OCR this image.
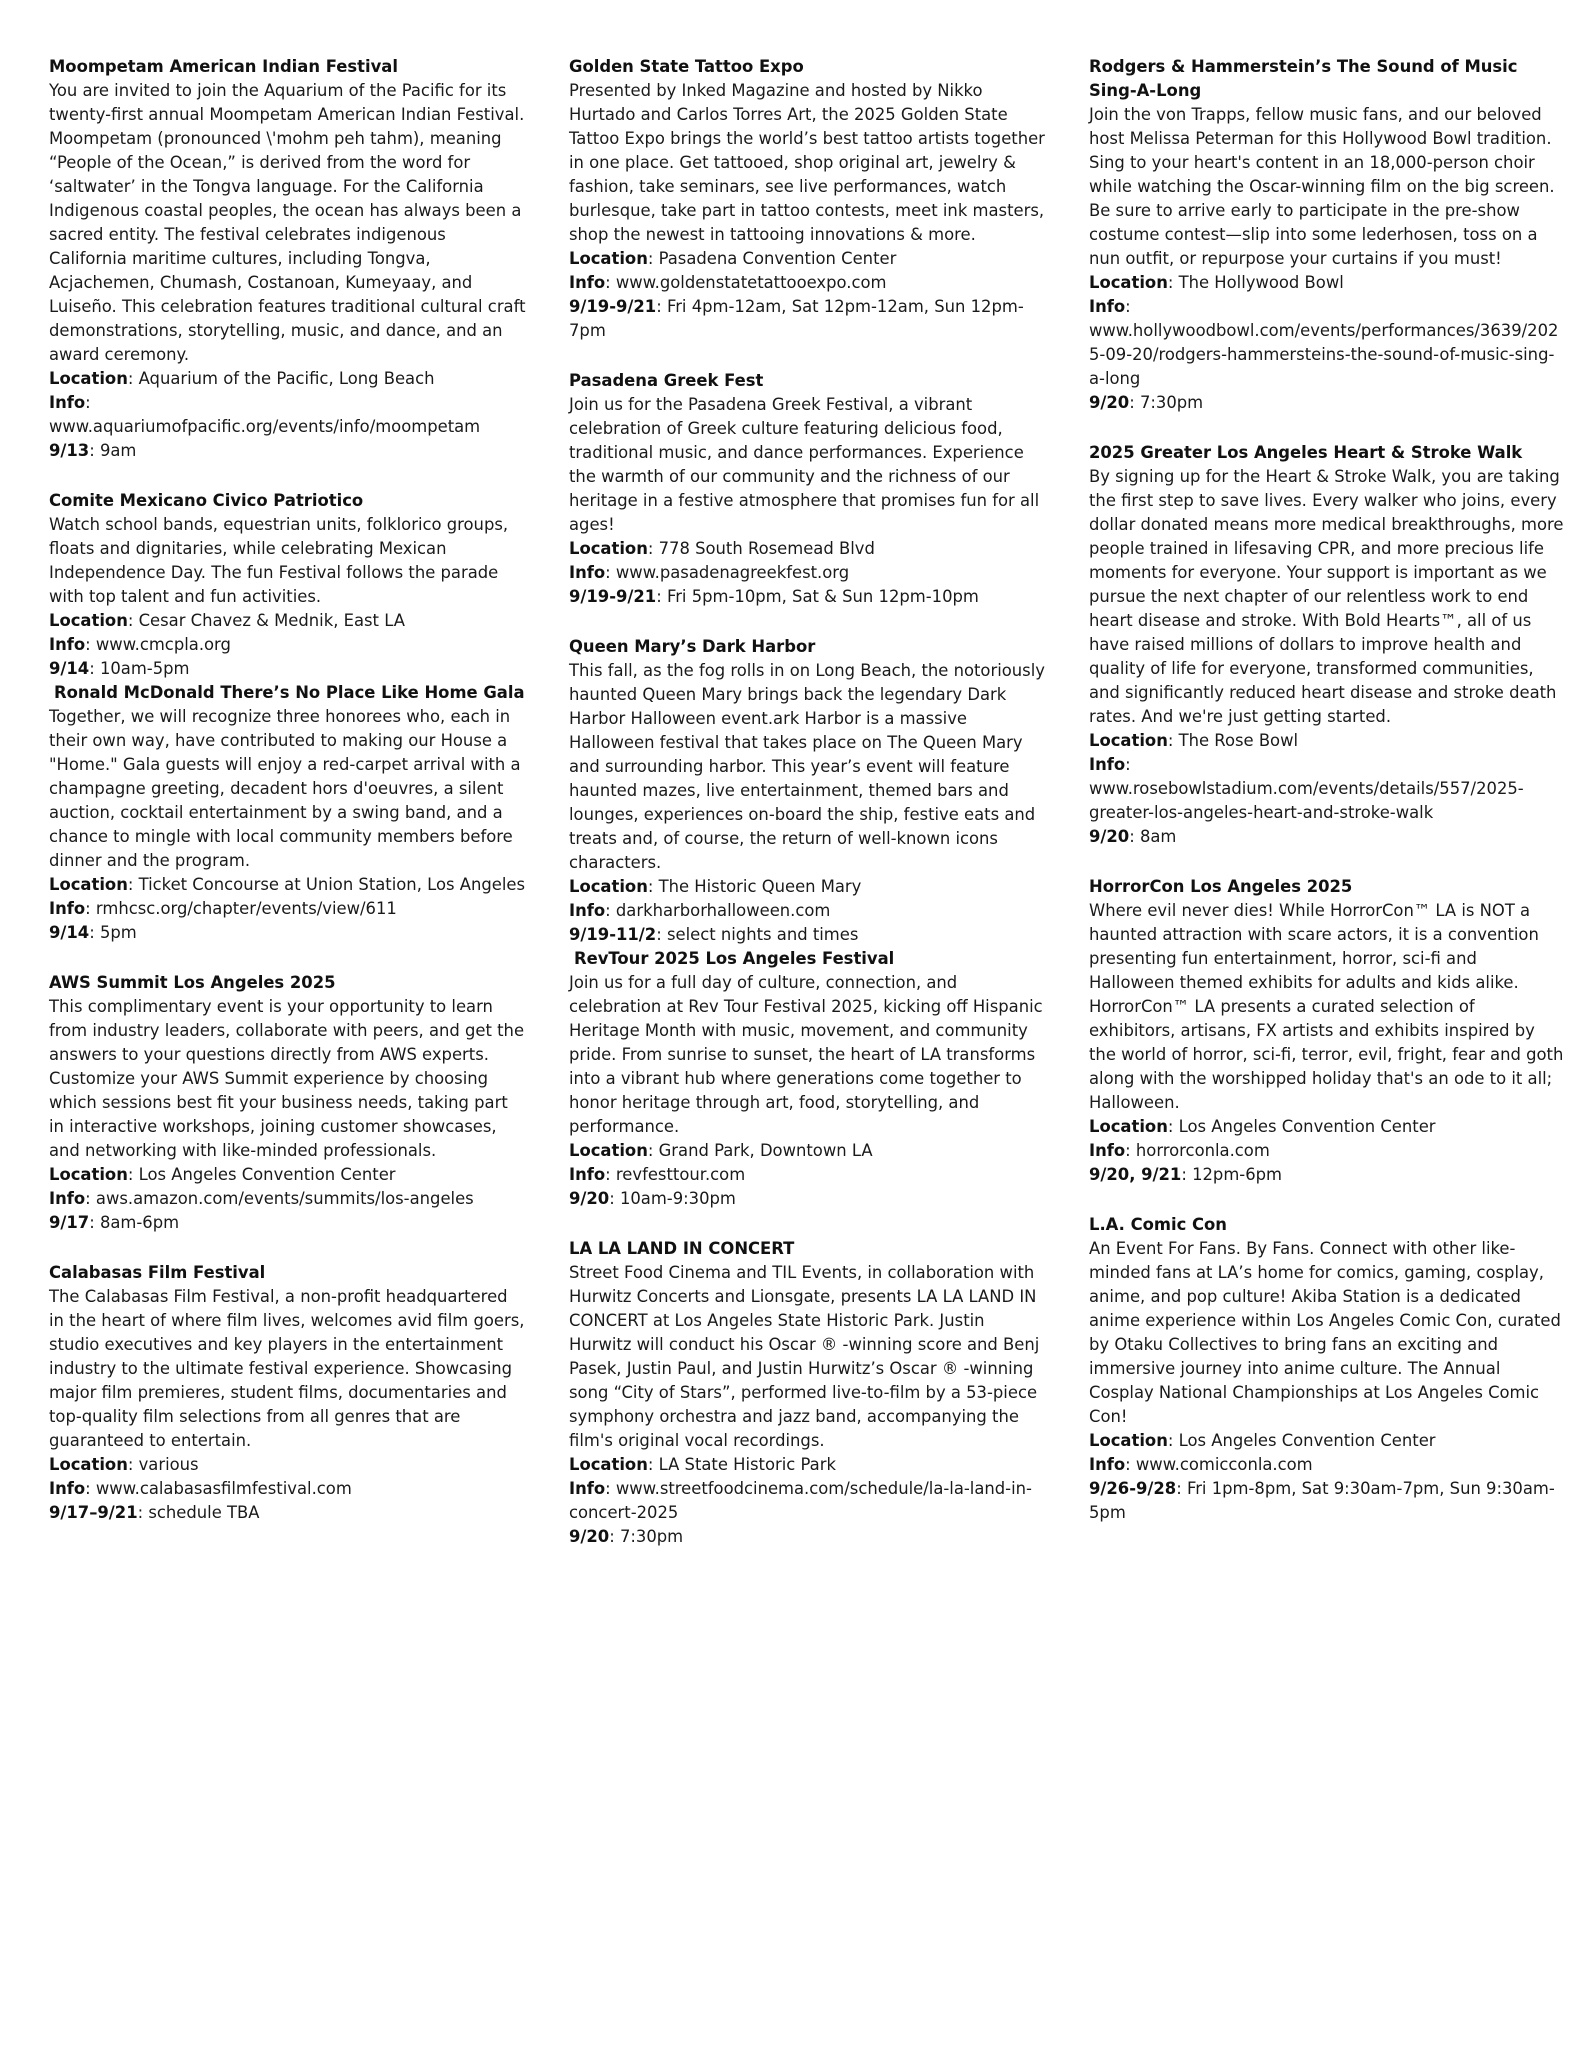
Moompetam American Indian Festival

You are invited to join the Aquarium of the Pacific for its twenty-first annual Moompetam American Indian Festival. Moompetam (pronounced \'mohm peh tahm), meaning “People of the Ocean,” is derived from the word for ‘saltwater’ in the Tongva language. For the California Indigenous coastal peoples, the ocean has always been a sacred entity. The festival celebrates indigenous California maritime cultures, including Tongva, Acjachemen, Chumash, Costanoan, Kumeyaay, and Luiseño. This celebration features traditional cultural craft demonstrations, storytelling, music, and dance, and an award ceremony.

Location: Aquarium of the Pacific, Long Beach

Info:
www.aquariumofpacific.org/events/info/moompetam

9/13: 9am

Comite Mexicano Civico Patriotico

Watch school bands, equestrian units, folklorico groups, floats and dignitaries, while celebrating Mexican Independence Day. The fun Festival follows the parade with top talent and fun activities.

Location: Cesar Chavez & Mednik, East LA

Info: www.cmcpla.org

9/14: 10am-5pm

Ronald McDonald There’s No Place Like Home Gala

Together, we will recognize three honorees who, each in their own way, have contributed to making our House a "Home." Gala guests will enjoy a red-carpet arrival with a champagne greeting, decadent hors d'oeuvres, a silent auction, cocktail entertainment by a swing band, and a chance to mingle with local community members before dinner and the program.

Location: Ticket Concourse at Union Station, Los Angeles

Info: rmhcsc.org/chapter/events/view/611

9/14: 5pm

AWS Summit Los Angeles 2025

This complimentary event is your opportunity to learn from industry leaders, collaborate with peers, and get the answers to your questions directly from AWS experts. Customize your AWS Summit experience by choosing which sessions best fit your business needs, taking part in interactive workshops, joining customer showcases, and networking with like-minded professionals.

Location: Los Angeles Convention Center

Info: aws.amazon.com/events/summits/los-angeles

9/17: 8am-6pm

Calabasas Film Festival

The Calabasas Film Festival, a non-profit headquartered in the heart of where film lives, welcomes avid film goers, studio executives and key players in the entertainment industry to the ultimate festival experience. Showcasing major film premieres, student films, documentaries and top-quality film selections from all genres that are guaranteed to entertain.

Location: various

Info: www.calabasasfilmfestival.com

9/17–9/21: schedule TBA

Golden State Tattoo Expo

Presented by Inked Magazine and hosted by Nikko Hurtado and Carlos Torres Art, the 2025 Golden State Tattoo Expo brings the world’s best tattoo artists together in one place. Get tattooed, shop original art, jewelry & fashion, take seminars, see live performances, watch burlesque, take part in tattoo contests, meet ink masters, shop the newest in tattooing innovations & more.

Location: Pasadena Convention Center

Info: www.goldenstatetattooexpo.com

9/19-9/21: Fri 4pm-12am, Sat 12pm-12am, Sun 12pm-7pm

Pasadena Greek Fest

Join us for the Pasadena Greek Festival, a vibrant celebration of Greek culture featuring delicious food, traditional music, and dance performances. Experience the warmth of our community and the richness of our heritage in a festive atmosphere that promises fun for all ages!

Location: 778 South Rosemead Blvd

Info: www.pasadenagreekfest.org

9/19-9/21: Fri 5pm-10pm, Sat & Sun 12pm-10pm

Queen Mary’s Dark Harbor

This fall, as the fog rolls in on Long Beach, the notoriously haunted Queen Mary brings back the legendary Dark Harbor Halloween event.ark Harbor is a massive Halloween festival that takes place on The Queen Mary and surrounding harbor. This year’s event will feature haunted mazes, live entertainment, themed bars and lounges, experiences on-board the ship, festive eats and treats and, of course, the return of well-known icons characters.

Location: The Historic Queen Mary

Info: darkharborhalloween.com

9/19-11/2: select nights and times

RevTour 2025 Los Angeles Festival

Join us for a full day of culture, connection, and celebration at Rev Tour Festival 2025, kicking off Hispanic Heritage Month with music, movement, and community pride. From sunrise to sunset, the heart of LA transforms into a vibrant hub where generations come together to honor heritage through art, food, storytelling, and performance.

Location: Grand Park, Downtown LA

Info: revfesttour.com

9/20: 10am-9:30pm

LA LA LAND IN CONCERT

Street Food Cinema and TIL Events, in collaboration with Hurwitz Concerts and Lionsgate, presents LA LA LAND IN CONCERT at Los Angeles State Historic Park. Justin Hurwitz will conduct his Oscar ® -winning score and Benj Pasek, Justin Paul, and Justin Hurwitz’s Oscar ® -winning song “City of Stars”, performed live-to-film by a 53-piece symphony orchestra and jazz band, accompanying the film's original vocal recordings.

Location: LA State Historic Park

Info: www.streetfoodcinema.com/schedule/la-la-land-in-concert-2025

9/20: 7:30pm

Rodgers & Hammerstein’s The Sound of Music Sing-A-Long

Join the von Trapps, fellow music fans, and our beloved host Melissa Peterman for this Hollywood Bowl tradition. Sing to your heart's content in an 18,000-person choir while watching the Oscar-winning film on the big screen. Be sure to arrive early to participate in the pre-show costume contest—slip into some lederhosen, toss on a nun outfit, or repurpose your curtains if you must!

Location: The Hollywood Bowl

Info: www.hollywoodbowl.com/events/performances/3639/2025-09-20/rodgers-hammersteins-the-sound-of-music-sing-a-long

9/20: 7:30pm

2025 Greater Los Angeles Heart & Stroke Walk

By signing up for the Heart & Stroke Walk, you are taking the first step to save lives. Every walker who joins, every dollar donated means more medical breakthroughs, more people trained in lifesaving CPR, and more precious life moments for everyone. Your support is important as we pursue the next chapter of our relentless work to end heart disease and stroke. With Bold Hearts™, all of us have raised millions of dollars to improve health and quality of life for everyone, transformed communities, and significantly reduced heart disease and stroke death rates. And we're just getting started.

Location: The Rose Bowl

Info:
www.rosebowlstadium.com/events/details/557/2025-greater-los-angeles-heart-and-stroke-walk

9/20: 8am

HorrorCon Los Angeles 2025

Where evil never dies! While HorrorCon™ LA is NOT a haunted attraction with scare actors, it is a convention presenting fun entertainment, horror, sci-fi and Halloween themed exhibits for adults and kids alike. HorrorCon™ LA presents a curated selection of exhibitors, artisans, FX artists and exhibits inspired by the world of horror, sci-fi, terror, evil, fright, fear and goth along with the worshipped holiday that's an ode to it all; Halloween.

Location: Los Angeles Convention Center

Info: horrorconla.com

9/20, 9/21: 12pm-6pm

L.A. Comic Con

An Event For Fans. By Fans. Connect with other like-minded fans at LA’s home for comics, gaming, cosplay, anime, and pop culture! Akiba Station is a dedicated anime experience within Los Angeles Comic Con, curated by Otaku Collectives to bring fans an exciting and immersive journey into anime culture. The Annual Cosplay National Championships at Los Angeles Comic Con!

Location: Los Angeles Convention Center

Info: www.comicconla.com

9/26-9/28: Fri 1pm-8pm, Sat 9:30am-7pm, Sun 9:30am-5pm
